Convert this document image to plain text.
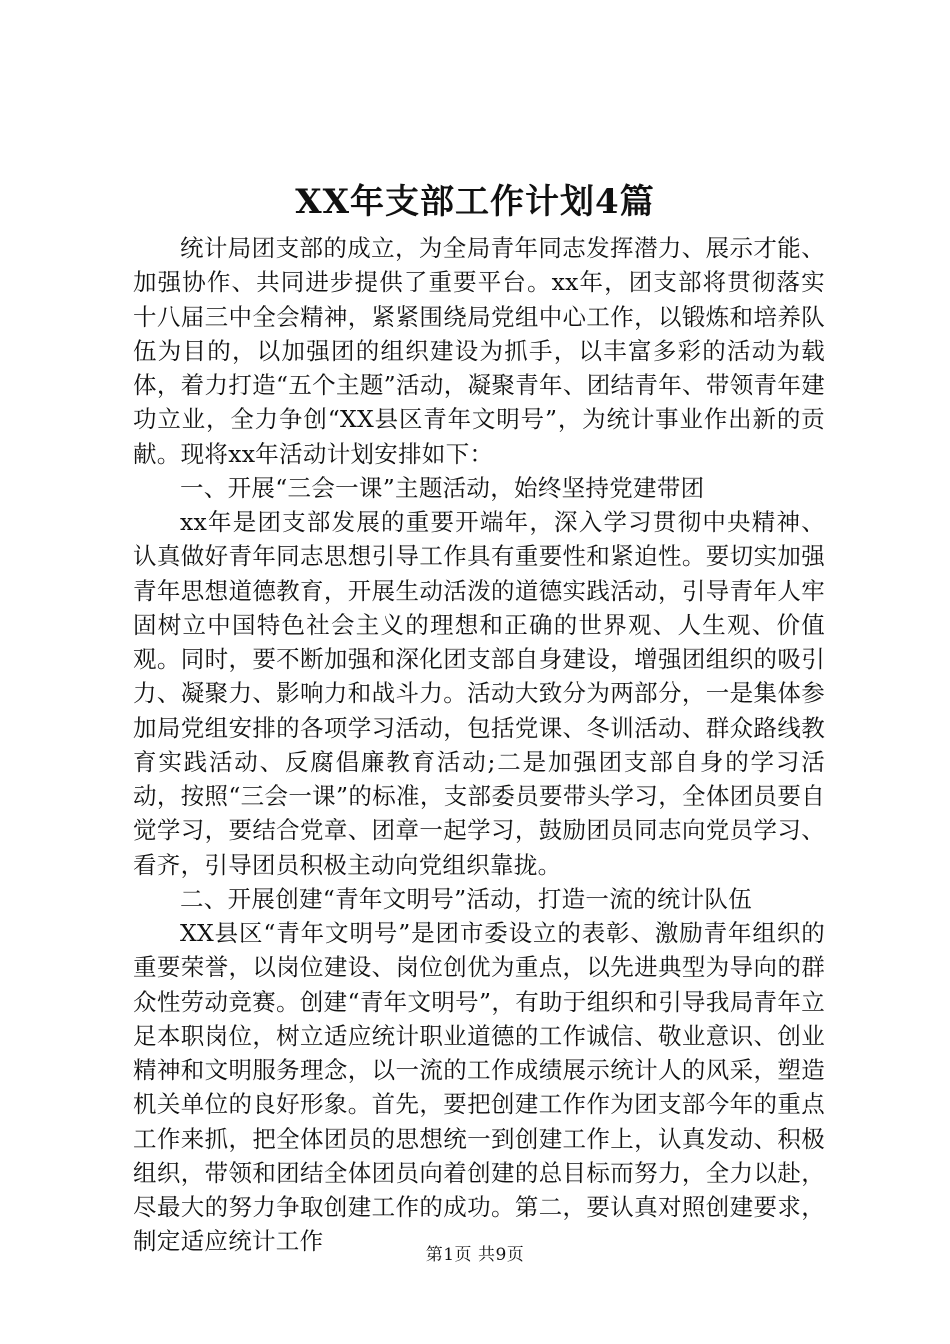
XX年支部工作计划4篇

统计局团支部的成立，为全局青年同志发挥潜力、展示才能、加强协作、共同进步提供了重要平台。xx年，团支部将贯彻落实十八届三中全会精神，紧紧围绕局党组中心工作，以锻炼和培养队伍为目的，以加强团的组织建设为抓手，以丰富多彩的活动为载体，着力打造“五个主题”活动，凝聚青年、团结青年、带领青年建功立业，全力争创“XX县区青年文明号”，为统计事业作出新的贡献。现将xx年活动计划安排如下：

一、开展“三会一课”主题活动，始终坚持党建带团

xx年是团支部发展的重要开端年，深入学习贯彻中央精神、认真做好青年同志思想引导工作具有重要性和紧迫性。要切实加强青年思想道德教育，开展生动活泼的道德实践活动，引导青年人牢固树立中国特色社会主义的理想和正确的世界观、人生观、价值观。同时，要不断加强和深化团支部自身建设，增强团组织的吸引力、凝聚力、影响力和战斗力。活动大致分为两部分，一是集体参加局党组安排的各项学习活动，包括党课、冬训活动、群众路线教育实践活动、反腐倡廉教育活动;二是加强团支部自身的学习活动，按照“三会一课”的标准，支部委员要带头学习，全体团员要自觉学习，要结合党章、团章一起学习，鼓励团员同志向党员学习、看齐，引导团员积极主动向党组织靠拢。

二、开展创建“青年文明号”活动，打造一流的统计队伍

XX县区“青年文明号”是团市委设立的表彰、激励青年组织的重要荣誉，以岗位建设、岗位创优为重点，以先进典型为导向的群众性劳动竞赛。创建“青年文明号”，有助于组织和引导我局青年立足本职岗位，树立适应统计职业道德的工作诚信、敬业意识、创业精神和文明服务理念，以一流的工作成绩展示统计人的风采，塑造机关单位的良好形象。首先，要把创建工作作为团支部今年的重点工作来抓，把全体团员的思想统一到创建工作上，认真发动、积极组织，带领和团结全体团员向着创建的总目标而努力，全力以赴，尽最大的努力争取创建工作的成功。第二，要认真对照创建要求，制定适应统计工作	第1页 共9页
